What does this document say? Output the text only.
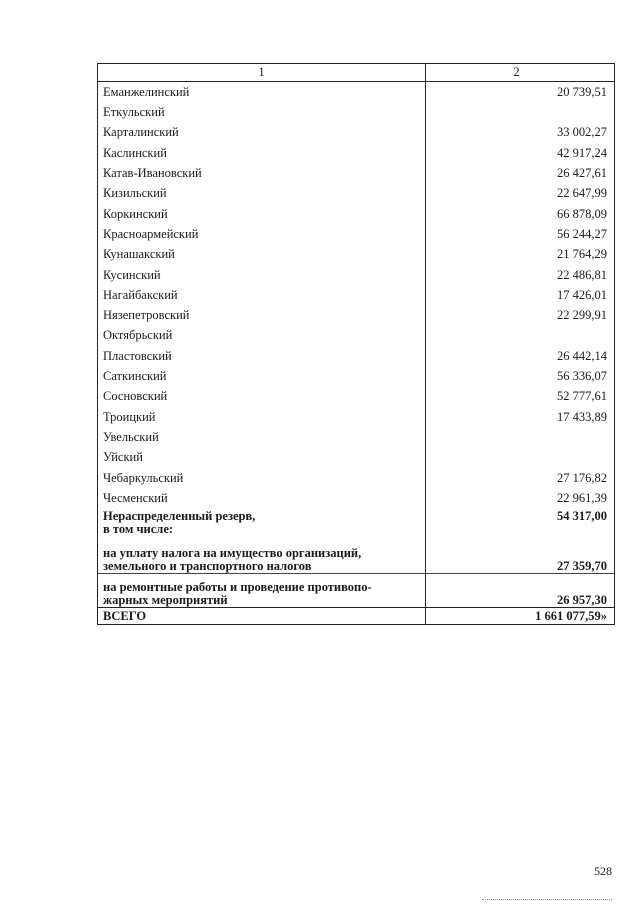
1	2
Еманжелинский	20 739,51
Еткульский	
Карталинский	33 002,27
Каслинский	42 917,24
Катав-Ивановский	26 427,61
Кизильский	22 647,99
Коркинский	66 878,09
Красноармейский	56 244,27
Кунашакский	21 764,29
Кусинский	22 486,81
Нагайбакский	17 426,01
Нязепетровский	22 299,91
Октябрьский	
Пластовский	26 442,14
Саткинский	56 336,07
Сосновский	52 777,61
Троицкий	17 433,89
Увельский	
Уйский	
Чебаркульский	27 176,82
Чесменский	22 961,39
Нераспределенный резерв,
в том числе:	54 317,00
на уплату налога на имущество организаций,
земельного и транспортного налогов	27 359,70
на ремонтные работы и проведение противопо-
жарных мероприятий	26 957,30
ВСЕГО	1 661 077,59»
528
